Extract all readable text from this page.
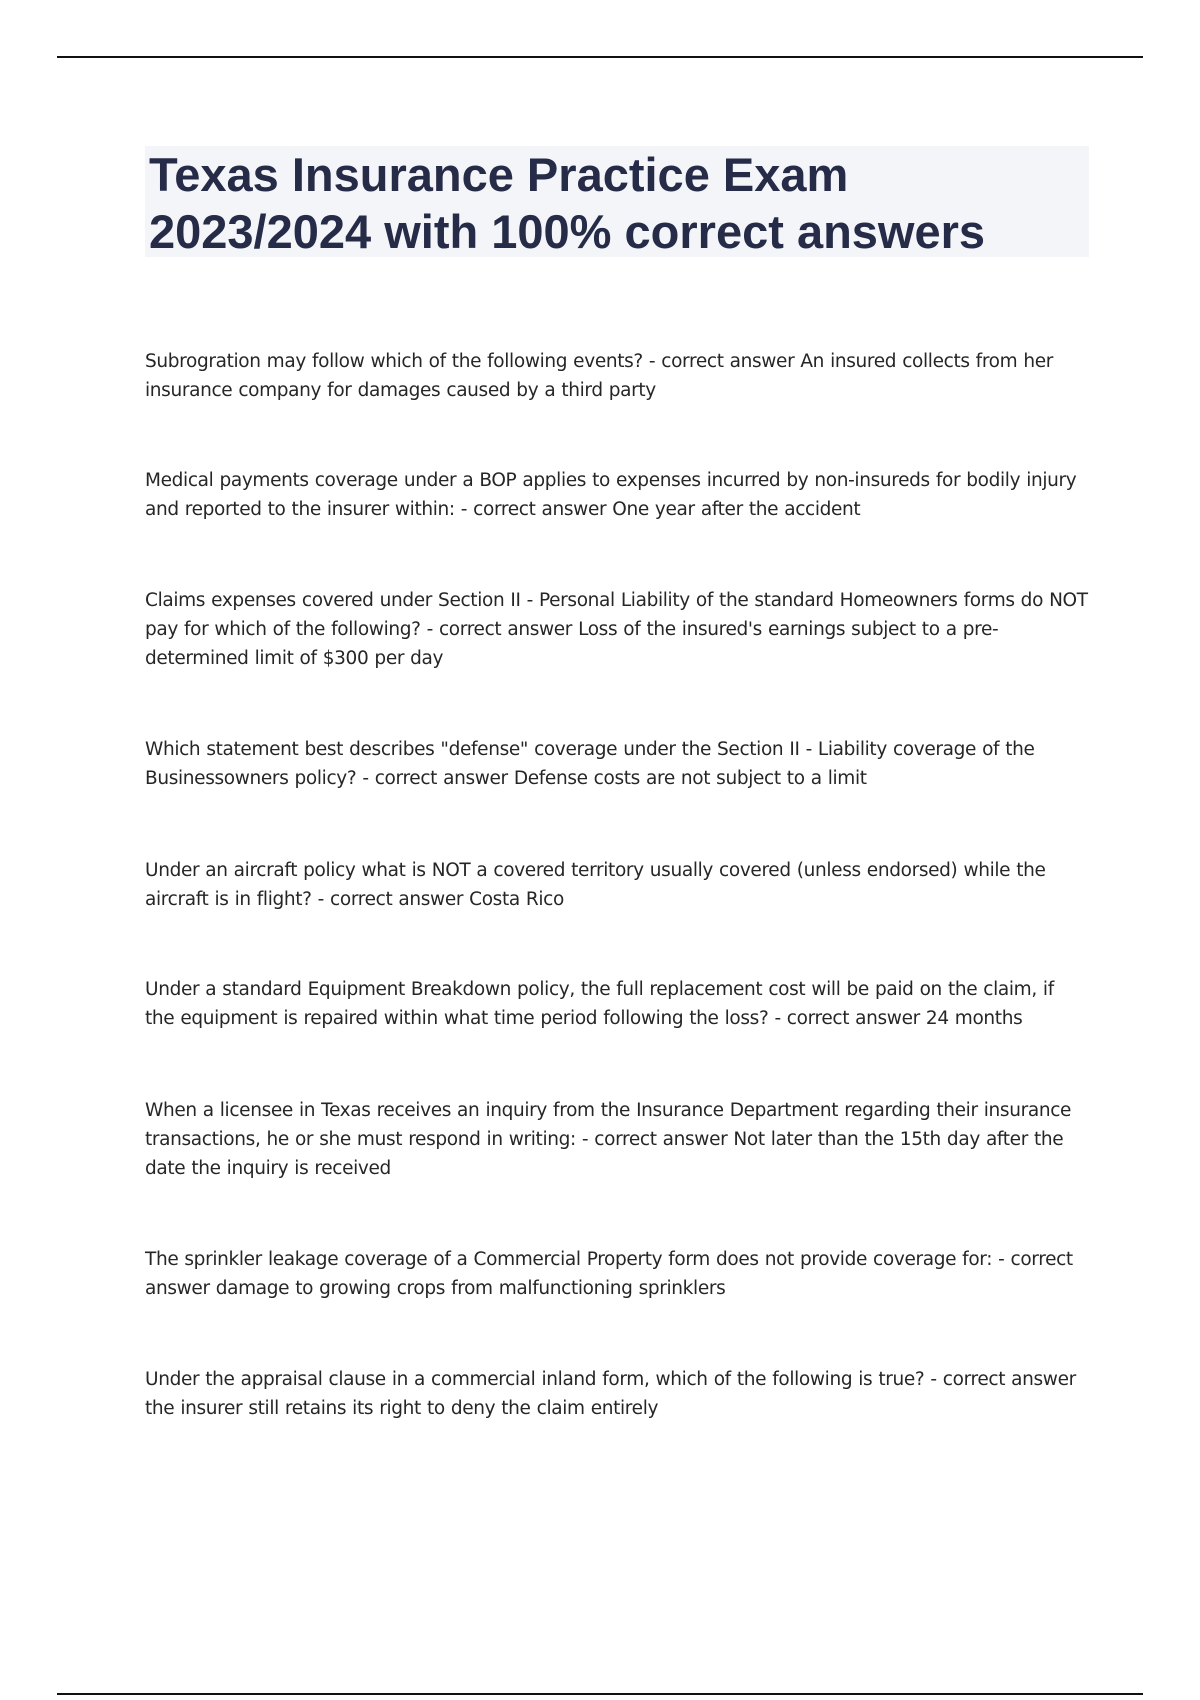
Texas Insurance Practice Exam
2023/2024 with 100% correct answers
Subrogration may follow which of the following events? - correct answer An insured collects from her
insurance company for damages caused by a third party
Medical payments coverage under a BOP applies to expenses incurred by non-insureds for bodily injury
and reported to the insurer within: - correct answer One year after the accident
Claims expenses covered under Section II - Personal Liability of the standard Homeowners forms do NOT
pay for which of the following? - correct answer Loss of the insured's earnings subject to a pre-
determined limit of $300 per day
Which statement best describes "defense" coverage under the Section II - Liability coverage of the
Businessowners policy? - correct answer Defense costs are not subject to a limit
Under an aircraft policy what is NOT a covered territory usually covered (unless endorsed) while the
aircraft is in flight? - correct answer Costa Rico
Under a standard Equipment Breakdown policy, the full replacement cost will be paid on the claim, if
the equipment is repaired within what time period following the loss? - correct answer 24 months
When a licensee in Texas receives an inquiry from the Insurance Department regarding their insurance
transactions, he or she must respond in writing: - correct answer Not later than the 15th day after the
date the inquiry is received
The sprinkler leakage coverage of a Commercial Property form does not provide coverage for: - correct
answer damage to growing crops from malfunctioning sprinklers
Under the appraisal clause in a commercial inland form, which of the following is true? - correct answer
the insurer still retains its right to deny the claim entirely
